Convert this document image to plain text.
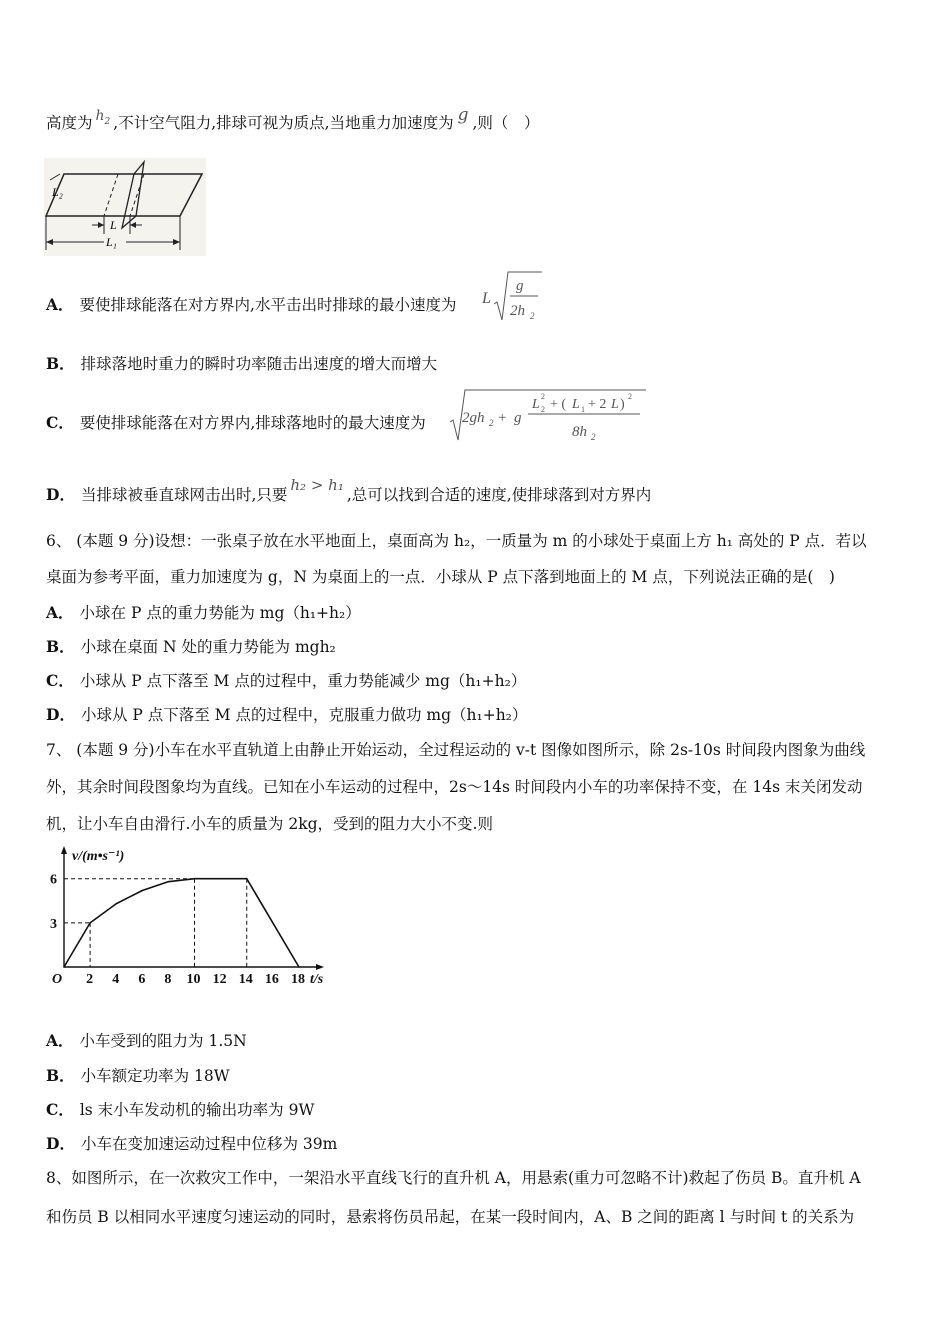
高度为 $h_2$ ,不计空气阻力,排球可视为质点,当地重力加速度为 g ,则（　）
L
L₁
L₂
A． 要使排球能落在对方界内,水平击出时排球的最小速度为 L
g
2h 2
L√(g/2h₂)
B． 排球落地时重力的瞬时功率随击出速度的增大而增大
C． 要使排球能落在对方界内,排球落地时的最大速度为 2gh 2 + g
L
2
2 + ( L 1 + 2 L )
2
8h 2
√(2gh₂ + g(L₂² + (L₁ + 2L)²)/8h₂)
D． 当排球被垂直球网击出时,只要h₂ > h₁,总可以找到合适的速度,使排球落到对方界内
6、 (本题 9 分)设想：一张桌子放在水平地面上，桌面高为 h₂，一质量为 m 的小球处于桌面上方 h₁ 高处的 P 点．若以
桌面为参考平面，重力加速度为 g，N 为桌面上的一点．小球从 P 点下落到地面上的 M 点，下列说法正确的是(　)
A． 小球在 P 点的重力势能为 mg（h₁+h₂）
B． 小球在桌面 N 处的重力势能为 mgh₂
C． 小球从 P 点下落至 M 点的过程中，重力势能减少 mg（h₁+h₂）
D． 小球从 P 点下落至 M 点的过程中，克服重力做功 mg（h₁+h₂）
7、 (本题 9 分)小车在水平直轨道上由静止开始运动，全过程运动的 v-t 图像如图所示，除 2s-10s 时间段内图象为曲线
外，其余时间段图象均为直线。已知在小车运动的过程中，2s～14s 时间段内小车的功率保持不变，在 14s 末关闭发动
机，让小车自由滑行.小车的质量为 2kg，受到的阻力大小不变.则
2 4 6 8 10 12 14 16 18
3
6
v/(m•s⁻¹)
t/s
O
A． 小车受到的阻力为 1.5N
B． 小车额定功率为 18W
C． ls 末小车发动机的输出功率为 9W
D． 小车在变加速运动过程中位移为 39m
8、如图所示，在一次救灾工作中，一架沿水平直线飞行的直升机 A，用悬索(重力可忽略不计)救起了伤员 B。直升机 A
和伤员 B 以相同水平速度匀速运动的同时，悬索将伤员吊起，在某一段时间内，A、B 之间的距离 l 与时间 t 的关系为
